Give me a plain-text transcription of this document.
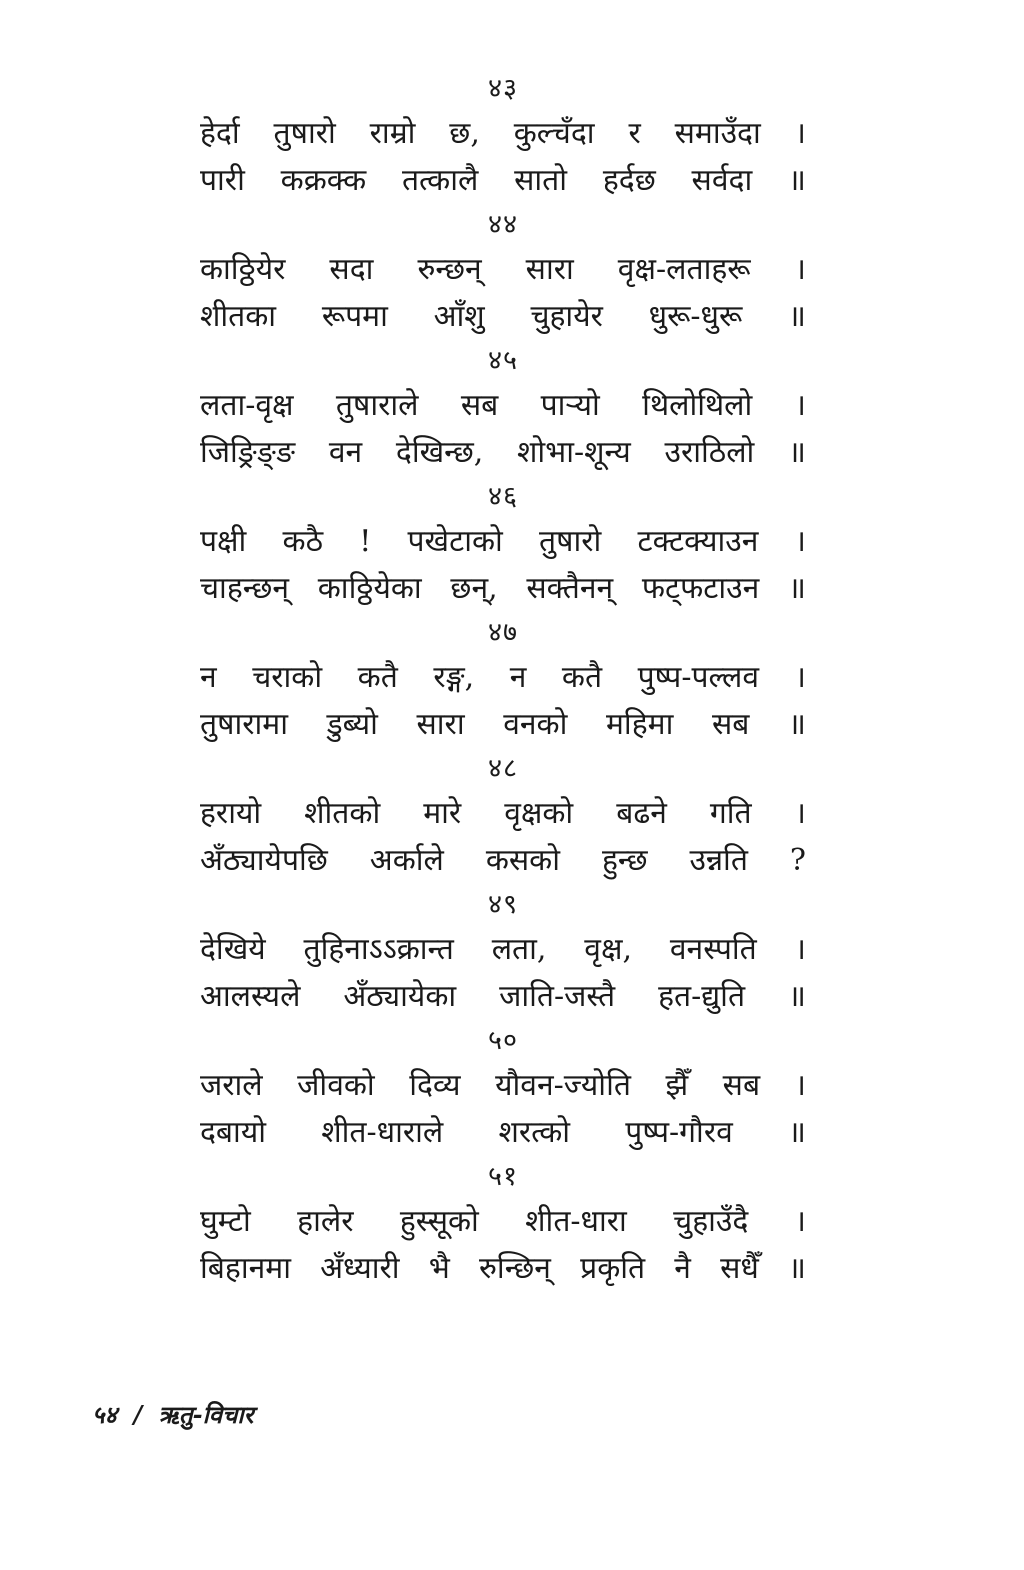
४३
हेर्दा तुषारो राम्रो छ, कुल्चँदा र समाउँदा ।
पारी कक्रक्क तत्कालै सातो हर्दछ सर्वदा ॥
४४
काठ्ठियेर सदा रुन्छन् सारा वृक्ष-लताहरू ।
शीतका रूपमा आँशु चुहायेर धुरू-धुरू ॥
४५
लता-वृक्ष तुषाराले सब पाऱ्यो थिलोथिलो ।
जिङ्रिङ्ङ वन देखिन्छ, शोभा-शून्य उराठिलो ॥
४६
पक्षी कठै ! पखेटाको तुषारो टक्टक्याउन ।
चाहन्छन् काठ्ठियेका छन्, सक्तैनन् फट्फटाउन ॥
४७
न चराको कतै रङ्ग, न कतै पुष्प-पल्लव ।
तुषारामा डुब्यो सारा वनको महिमा सब ॥
४८
हरायो शीतको मारे वृक्षको बढने गति ।
अँठ्यायेपछि अर्काले कसको हुन्छ उन्नति ?
४९
देखिये तुहिनाऽऽक्रान्त लता, वृक्ष, वनस्पति ।
आलस्यले अँठ्यायेका जाति-जस्तै हत-द्युति ॥
५०
जराले जीवको दिव्य यौवन-ज्योति झैँ सब ।
दबायो शीत-धाराले शरत्को पुष्प-गौरव ॥
५१
घुम्टो हालेर हुस्सूको शीत-धारा चुहाउँदै ।
बिहानमा अँध्यारी भै रुन्छिन् प्रकृति नै सधैँ ॥
५४ / ऋतु-विचार
